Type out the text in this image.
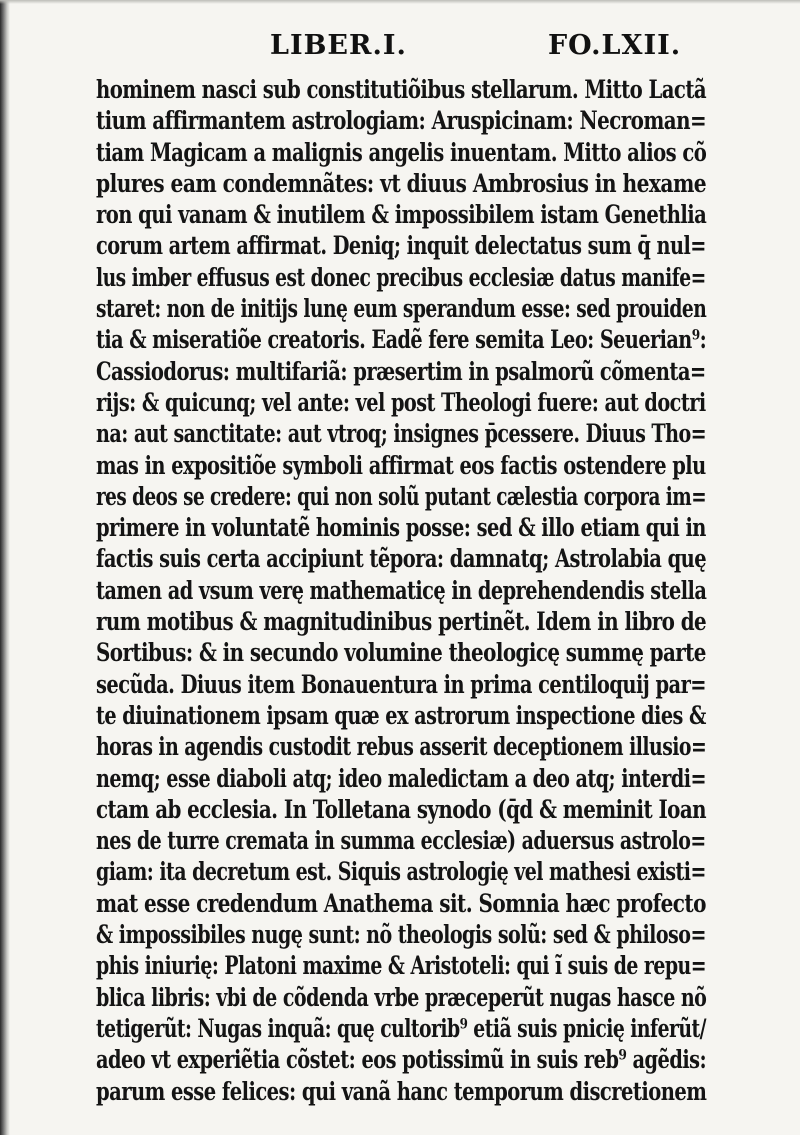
LIBER.I.	FO.LXII.
hominem nasci sub constitutiõibus stellarum. Mitto Lactã
tium affirmantem astrologiam: Aruspicinam: Necroman=
tiam Magicam a malignis angelis inuentam. Mitto alios cõ
plures eam condemnãtes: vt diuus Ambrosius in hexame
ron qui vanam & inutilem & impossibilem istam Genethlia
corum artem affirmat. Deniq; inquit delectatus sum q̄ nul=
lus imber effusus est donec precibus ecclesiæ datus manife=
staret: non de initijs lunę eum sperandum esse: sed prouiden
tia & miseratiõe creatoris. Eadẽ fere semita Leo: Seuerian⁹:
Cassiodorus: multifariã: præsertim in psalmorũ cõmenta=
rijs: & quicunq; vel ante: vel post Theologi fuere: aut doctri
na: aut sanctitate: aut vtroq; insignes p̄cessere. Diuus Tho=
mas in expositiõe symboli affirmat eos factis ostendere plu
res deos se credere: qui non solũ putant cælestia corpora im=
primere in voluntatẽ hominis posse: sed & illo etiam qui in
factis suis certa accipiunt tẽpora: damnatq; Astrolabia quę
tamen ad vsum verę mathematicę in deprehendendis stella
rum motibus & magnitudinibus pertinẽt. Idem in libro de
Sortibus: & in secundo volumine theologicę summę parte
secũda. Diuus item Bonauentura in prima centiloquij par=
te diuinationem ipsam quæ ex astrorum inspectione dies &
horas in agendis custodit rebus asserit deceptionem illusio=
nemq; esse diaboli atq; ideo maledictam a deo atq; interdi=
ctam ab ecclesia. In Tolletana synodo (q̄d & meminit Ioan
nes de turre cremata in summa ecclesiæ) aduersus astrolo=
giam: ita decretum est. Siquis astrologię vel mathesi existi=
mat esse credendum Anathema sit. Somnia hæc profecto
& impossibiles nugę sunt: nõ theologis solũ: sed & philoso=
phis iniurię: Platoni maxime & Aristoteli: qui ĩ suis de repu=
blica libris: vbi de cõdenda vrbe præceperũt nugas hasce nõ
tetigerũt: Nugas inquã: quę cultorib⁹ etiã suis pnicię inferũt/
adeo vt experiẽtia cõstet: eos potissimũ in suis reb⁹ agẽdis:
parum esse felices: qui vanã hanc temporum discretionem
